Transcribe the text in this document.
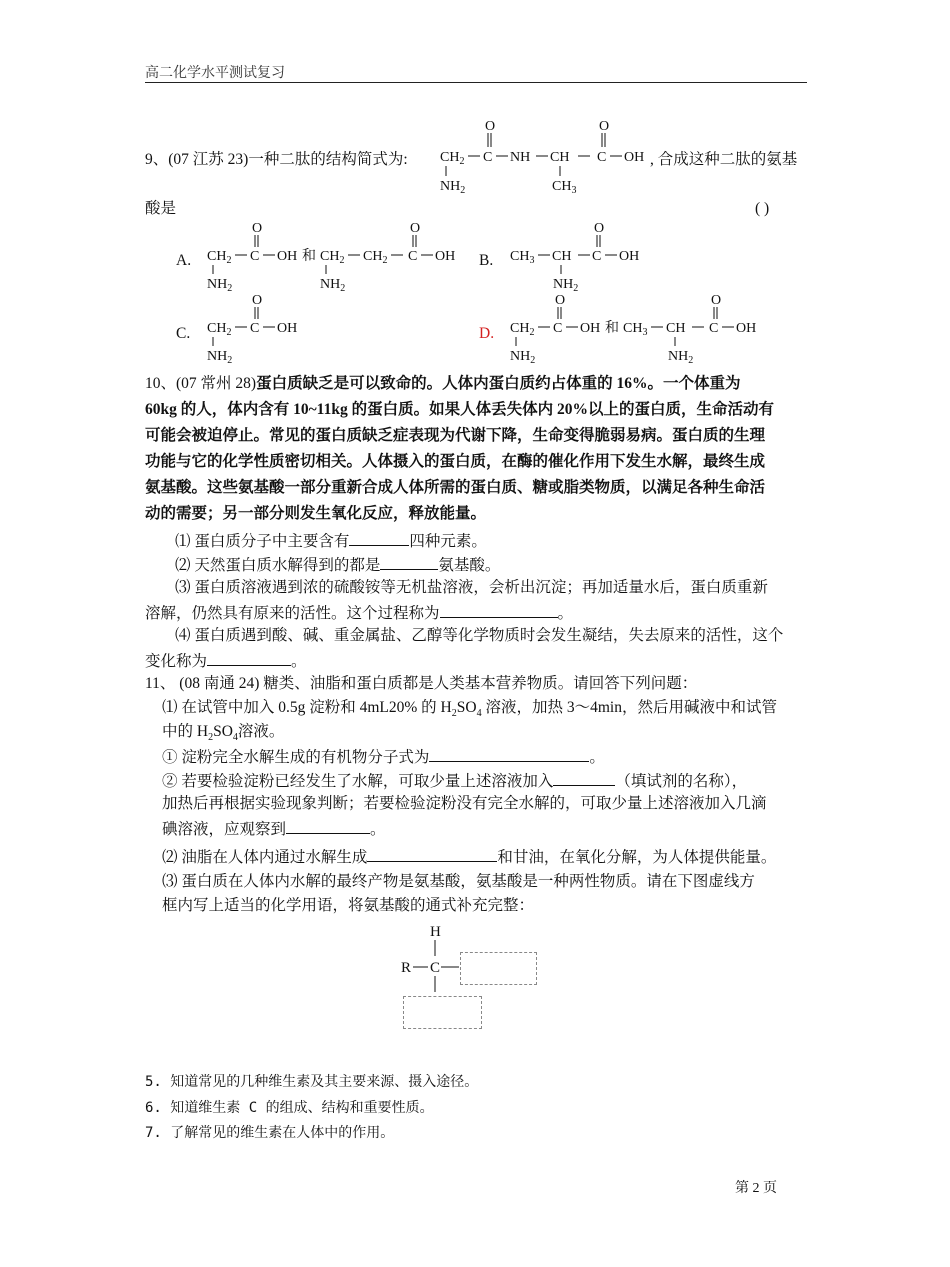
高二化学水平测试复习
9、(07 江苏 23)一种二肽的结构简式为:
O	O
$CH_2$ C NH CH C OH
$NH_2$	$CH_3$
, 合成这种二肽的氨基
酸是	( )
A.
O
$CH_2$ C OH 和
$NH_2$
$CH_2$ $CH_2$
O
C OH
$NH_2$
B. $CH_3$ CH
O
C OH
$NH_2$
C.
O
$CH_2$ C OH
$NH_2$
D.
O
$CH_2$ C OH 和
$NH_2$
$CH_3$ CH
O
C OH
$NH_2$
10、(07 常州 28)蛋白质缺乏是可以致命的。人体内蛋白质约占体重的 16%。一个体重为
60kg 的人，体内含有 10~11kg 的蛋白质。如果人体丢失体内 20%以上的蛋白质，生命活动有
可能会被迫停止。常见的蛋白质缺乏症表现为代谢下降，生命变得脆弱易病。蛋白质的生理
功能与它的化学性质密切相关。人体摄入的蛋白质，在酶的催化作用下发生水解，最终生成
氨基酸。这些氨基酸一部分重新合成人体所需的蛋白质、糖或脂类物质，以满足各种生命活
动的需要；另一部分则发生氧化反应，释放能量。
⑴ 蛋白质分子中主要含有	四种元素。
⑵ 天然蛋白质水解得到的都是	氨基酸。
⑶ 蛋白质溶液遇到浓的硫酸铵等无机盐溶液，会析出沉淀；再加适量水后，蛋白质重新
溶解，仍然具有原来的活性。这个过程称为	。
⑷ 蛋白质遇到酸、碱、重金属盐、乙醇等化学物质时会发生凝结，失去原来的活性，这个
变化称为	。
11、 (08 南通 24) 糖类、油脂和蛋白质都是人类基本营养物质。请回答下列问题：
⑴ 在试管中加入 0.5g 淀粉和 4mL20% 的 $H_2SO_4$ 溶液，加热 3～4min，然后用碱液中和试管
中的 $H_2SO_4$溶液。
① 淀粉完全水解生成的有机物分子式为	。
② 若要检验淀粉已经发生了水解，可取少量上述溶液加入	（填试剂的名称），
加热后再根据实验现象判断；若要检验淀粉没有完全水解的，可取少量上述溶液加入几滴
碘溶液，应观察到	。
⑵ 油脂在人体内通过水解生成	和甘油，在氧化分解，为人体提供能量。
⑶ 蛋白质在人体内水解的最终产物是氨基酸，氨基酸是一种两性物质。请在下图虚线方
框内写上适当的化学用语，将氨基酸的通式补充完整：
H
R C
5. 知道常见的几种维生素及其主要来源、摄入途径。
6. 知道维生素 C 的组成、结构和重要性质。
7. 了解常见的维生素在人体中的作用。
第 2 页
